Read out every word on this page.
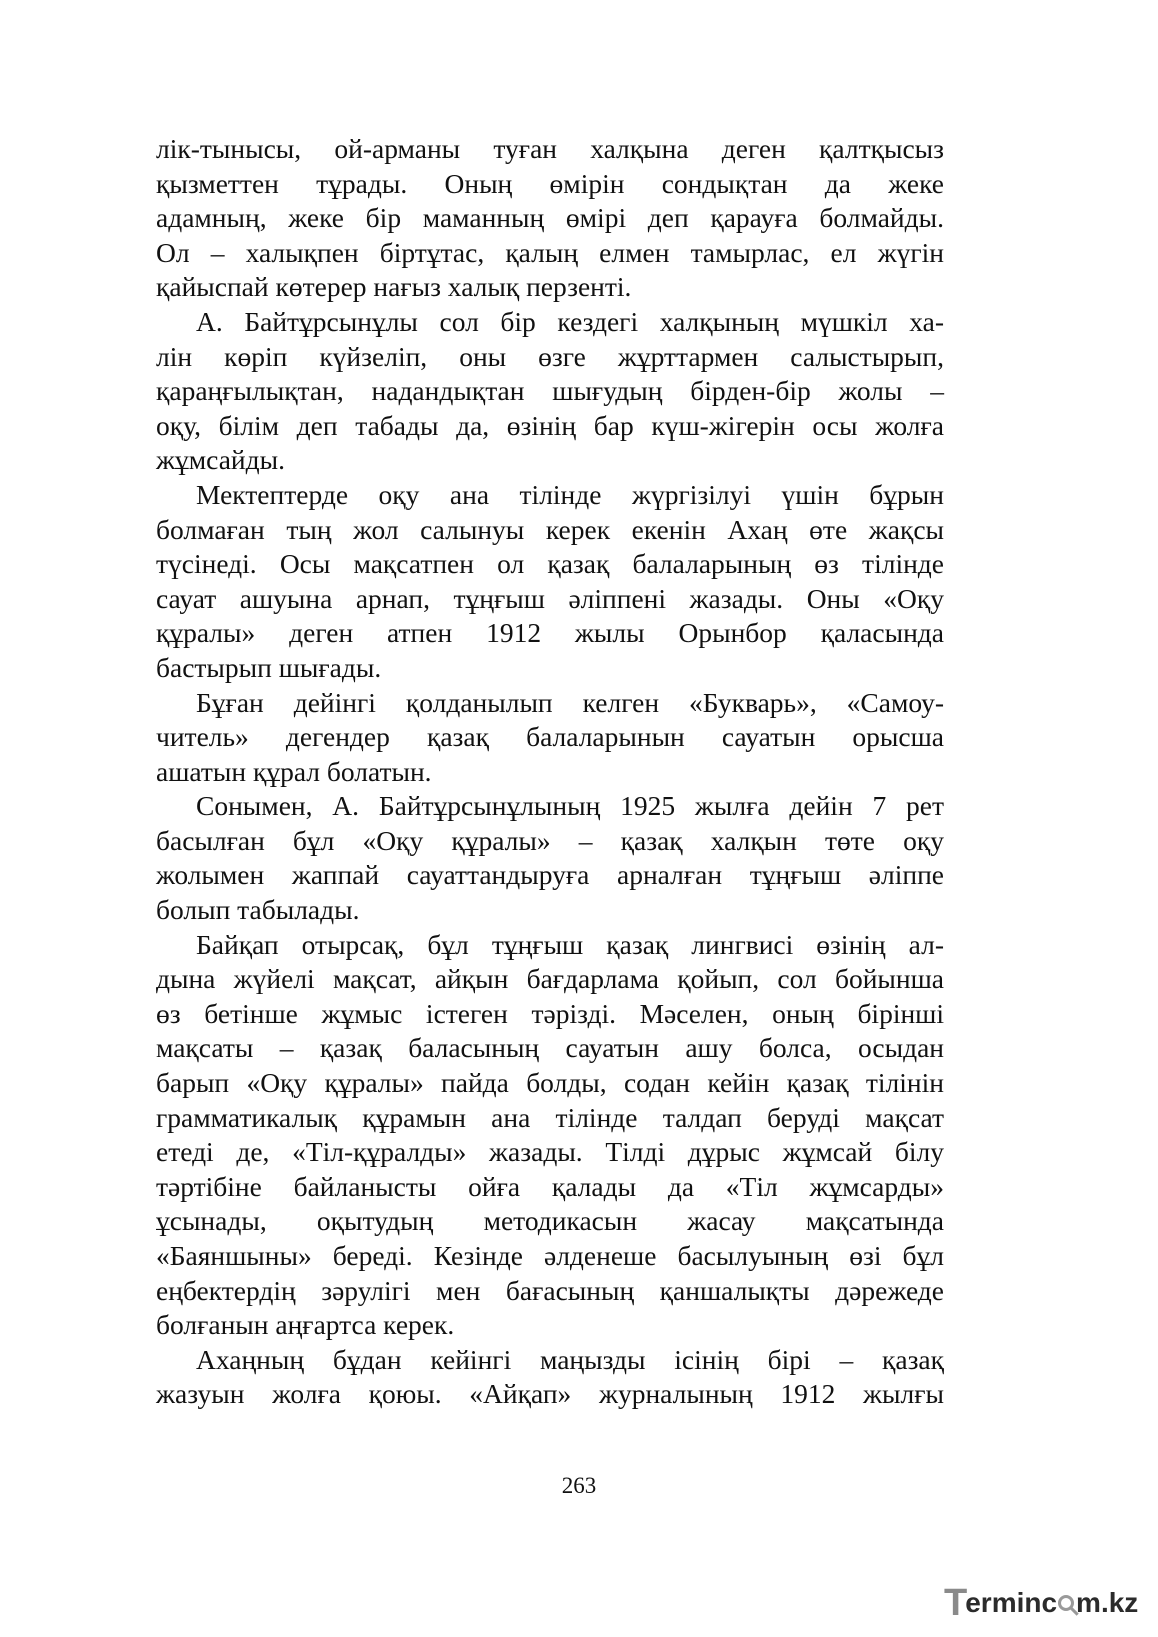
лік-тынысы, ой-арманы туған халқына деген қалтқысыз

қызметтен тұрады. Оның өмірін сондықтан да жеке

адамның, жеке бір маманның өмірі деп қарауға болмайды.

Ол – халықпен біртұтас, қалың елмен тамырлас, ел жүгін

қайыспай көтерер нағыз халық перзенті.

А. Байтұрсынұлы сол бір кездегі халқының мүшкіл ха-

лін көріп күйзеліп, оны өзге жұрттармен салыстырып,

қараңғылықтан, надандықтан шығудың бірден-бір жолы –

оқу, білім деп табады да, өзінің бар күш-жігерін осы жолға

жұмсайды.

Мектептерде оқу ана тілінде жүргізілуі үшін бұрын

болмаған тың жол салынуы керек екенін Ахаң өте жақсы

түсінеді. Осы мақсатпен ол қазақ балаларының өз тілінде

сауат ашуына арнап, тұңғыш әліппені жазады. Оны «Оқу

құралы» деген атпен 1912 жылы Орынбор қаласында

бастырып шығады.

Бұған дейінгі қолданылып келген «Букварь», «Самоу-

читель» дегендер қазақ балаларынын сауатын орысша

ашатын құрал болатын.

Сонымен, А. Байтұрсынұлының 1925 жылға дейін 7 рет

басылған бұл «Оқу құралы» – қазақ халқын төте оқу

жолымен жаппай сауаттандыруға арналған тұңғыш әліппе

болып табылады.

Байқап отырсақ, бұл тұңғыш қазақ лингвисі өзінің ал-

дына жүйелі мақсат, айқын бағдарлама қойып, сол бойынша

өз бетінше жұмыс істеген тәрізді. Мәселен, оның бірінші

мақсаты – қазақ баласының сауатын ашу болса, осыдан

барып «Оқу құралы» пайда болды, содан кейін қазақ тілінін

грамматикалық құрамын ана тілінде талдап беруді мақсат

етеді де, «Тіл-құралды» жазады. Тілді дұрыс жұмсай білу

тәртібіне байланысты ойға қалады да «Тіл жұмсарды»

ұсынады, оқытудың методикасын жасау мақсатында

«Баяншыны» береді. Кезінде әлденеше басылуының өзі бұл

еңбектердің зәрулігі мен бағасының қаншалықты дәрежеде

болғанын аңғартса керек.

Ахаңның бұдан кейінгі маңызды ісінің бірі – қазақ

жазуын жолға қоюы. «Айқап» журналының 1912 жылғы

263
T erminc m.kz
